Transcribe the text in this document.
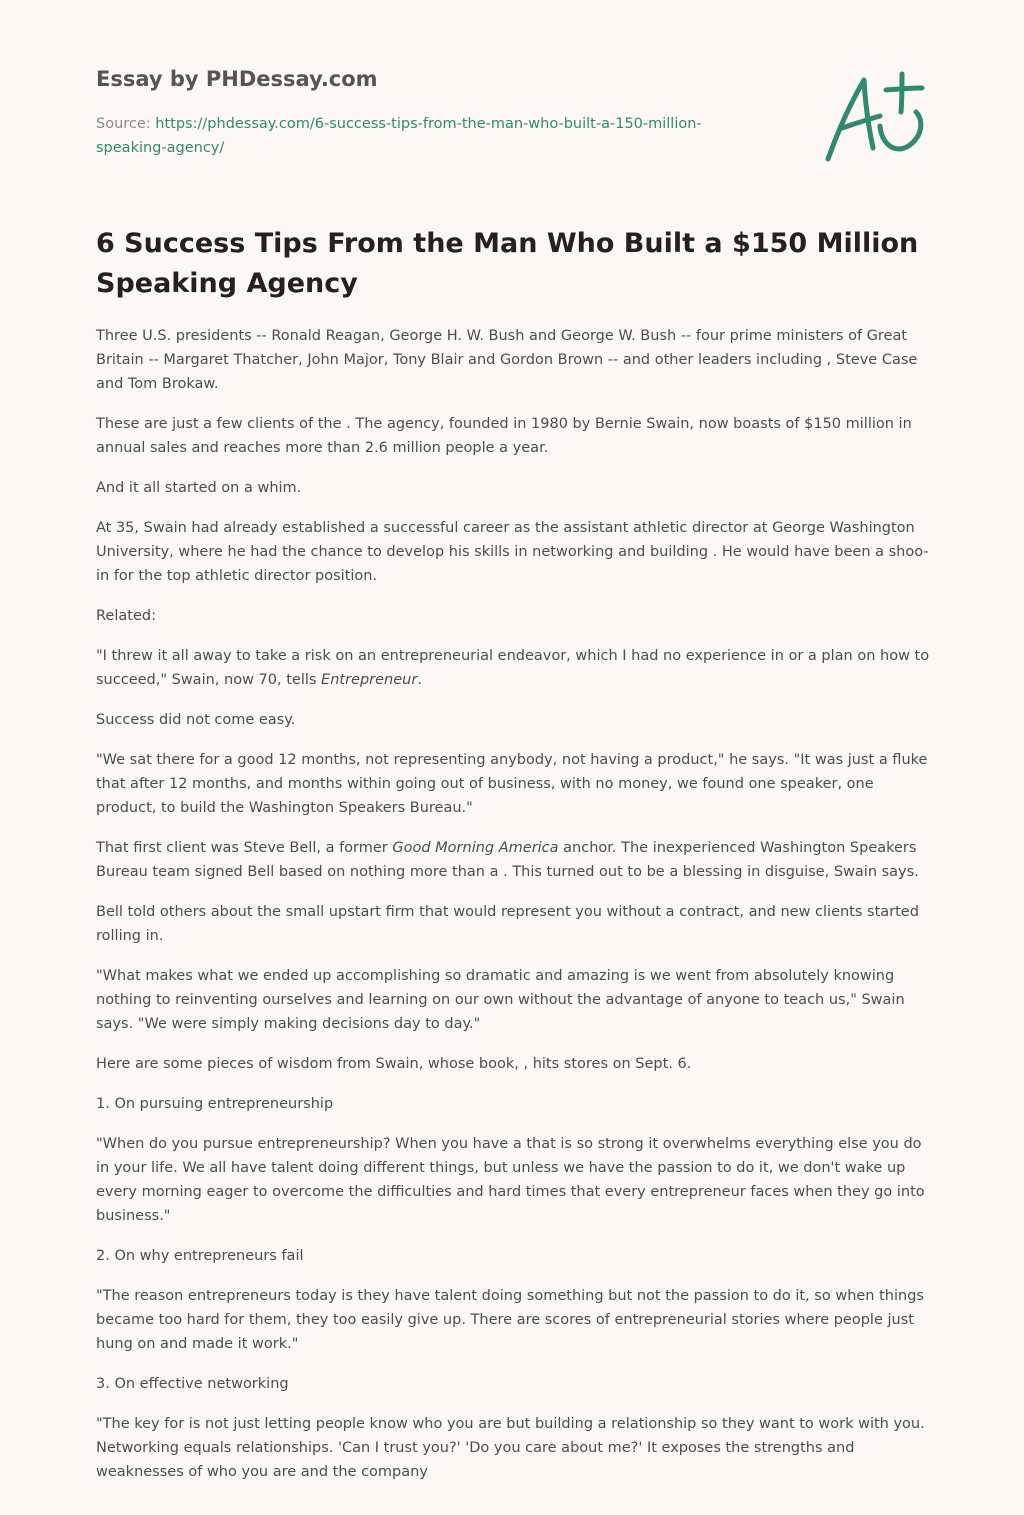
Essay by PHDessay.com
Source: https://phdessay.com/6-success-tips-from-the-man-who-built-a-150-million-
speaking-agency/
6 Success Tips From the Man Who Built a $150 Million Speaking Agency

Three U.S. presidents -- Ronald Reagan, George H. W. Bush and George W. Bush -- four prime ministers of Great Britain -- Margaret Thatcher, John Major, Tony Blair and Gordon Brown -- and other leaders including , Steve Case and Tom Brokaw.

These are just a few clients of the . The agency, founded in 1980 by Bernie Swain, now boasts of $150 million in annual sales and reaches more than 2.6 million people a year.

And it all started on a whim.

At 35, Swain had already established a successful career as the assistant athletic director at George Washington University, where he had the chance to develop his skills in networking and building . He would have been a shoo-in for the top athletic director position.

Related:

"I threw it all away to take a risk on an entrepreneurial endeavor, which I had no experience in or a plan on how to succeed," Swain, now 70, tells Entrepreneur.

Success did not come easy.

"We sat there for a good 12 months, not representing anybody, not having a product," he says. "It was just a fluke that after 12 months, and months within going out of business, with no money, we found one speaker, one product, to build the Washington Speakers Bureau."

That first client was Steve Bell, a former Good Morning America anchor. The inexperienced Washington Speakers Bureau team signed Bell based on nothing more than a . This turned out to be a blessing in disguise, Swain says.

Bell told others about the small upstart firm that would represent you without a contract, and new clients started rolling in.

"What makes what we ended up accomplishing so dramatic and amazing is we went from absolutely knowing nothing to reinventing ourselves and learning on our own without the advantage of anyone to teach us," Swain says. "We were simply making decisions day to day."

Here are some pieces of wisdom from Swain, whose book, , hits stores on Sept. 6.

1. On pursuing entrepreneurship

"When do you pursue entrepreneurship? When you have a that is so strong it overwhelms everything else you do in your life. We all have talent doing different things, but unless we have the passion to do it, we don't wake up every morning eager to overcome the difficulties and hard times that every entrepreneur faces when they go into business."

2. On why entrepreneurs fail

"The reason entrepreneurs today is they have talent doing something but not the passion to do it, so when things became too hard for them, they too easily give up. There are scores of entrepreneurial stories where people just hung on and made it work."

3. On effective networking

"The key for is not just letting people know who you are but building a relationship so they want to work with you. Networking equals relationships. 'Can I trust you?' 'Do you care about me?' It exposes the strengths and weaknesses of who you are and the company
